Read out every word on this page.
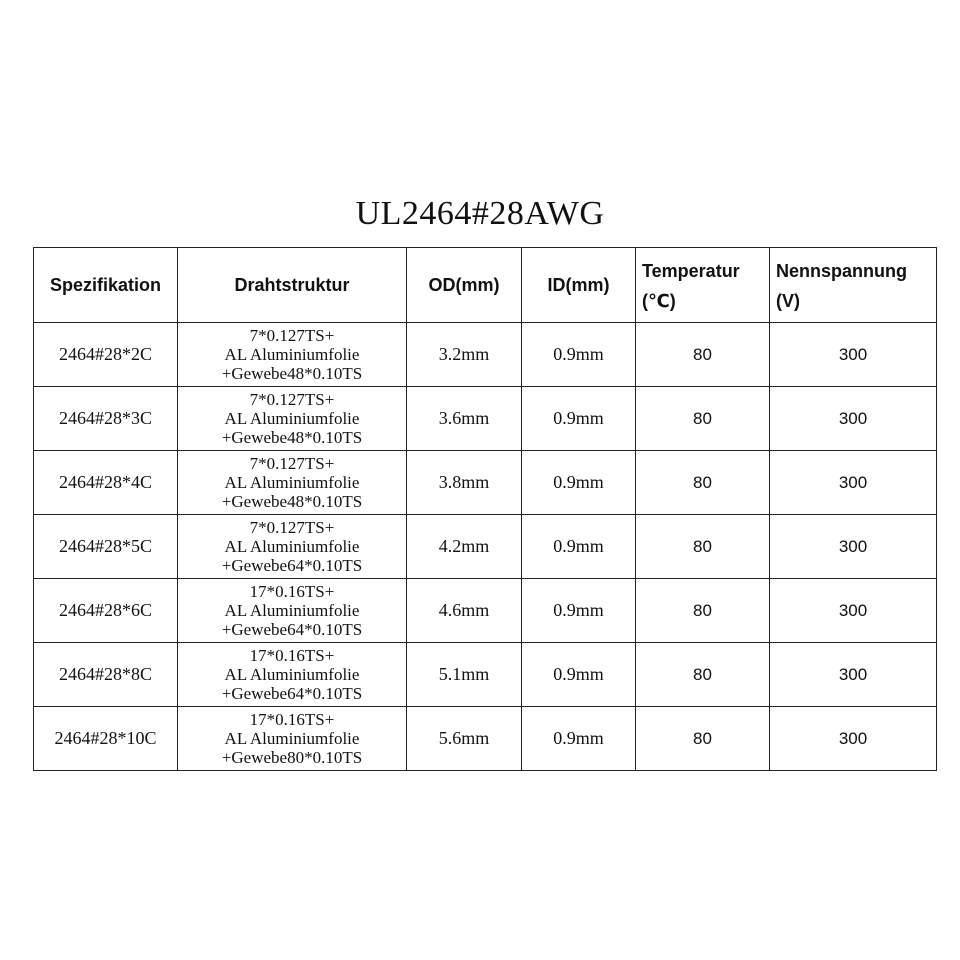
UL2464#28AWG
Spezifikation	Drahtstruktur	OD(mm)	ID(mm)	Temperatur
(℃)	Nennspannung
(V)

2464#28*2C	7*0.127TS+
AL Aluminiumfolie
+Gewebe48*0.10TS	3.2mm	0.9mm	80	300
2464#28*3C	7*0.127TS+
AL Aluminiumfolie
+Gewebe48*0.10TS	3.6mm	0.9mm	80	300
2464#28*4C	7*0.127TS+
AL Aluminiumfolie
+Gewebe48*0.10TS	3.8mm	0.9mm	80	300
2464#28*5C	7*0.127TS+
AL Aluminiumfolie
+Gewebe64*0.10TS	4.2mm	0.9mm	80	300
2464#28*6C	17*0.16TS+
AL Aluminiumfolie
+Gewebe64*0.10TS	4.6mm	0.9mm	80	300
2464#28*8C	17*0.16TS+
AL Aluminiumfolie
+Gewebe64*0.10TS	5.1mm	0.9mm	80	300
2464#28*10C	17*0.16TS+
AL Aluminiumfolie
+Gewebe80*0.10TS	5.6mm	0.9mm	80	300
